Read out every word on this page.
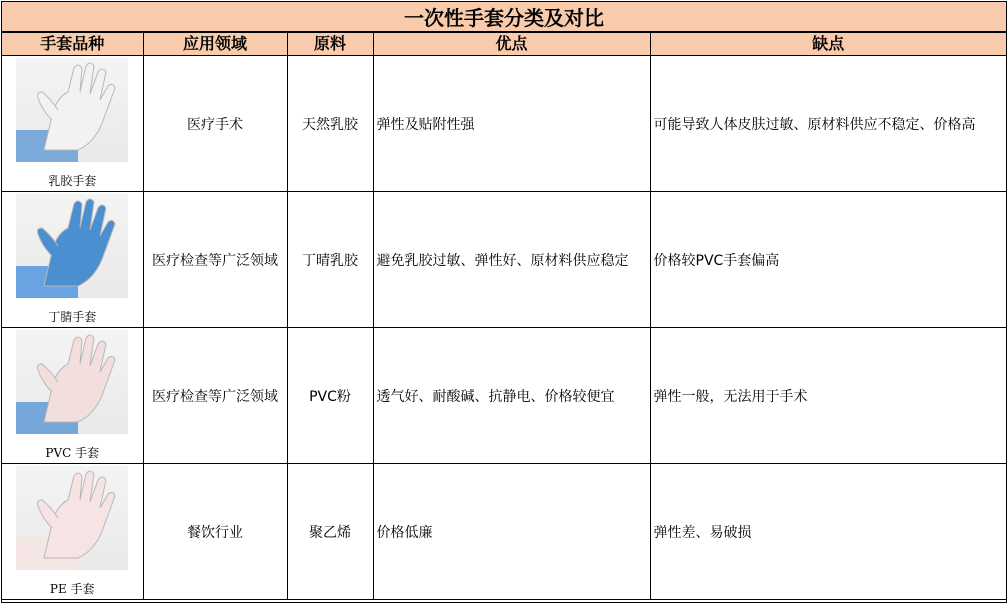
一次性手套分类及对比
手套品种	应用领域	原料	优点	缺点

乳胶手套	医疗手术	天然乳胶	弹性及贴附性强	可能导致人体皮肤过敏、原材料供应不稳定、价格高

丁腈手套	医疗检查等广泛领域	丁晴乳胶	避免乳胶过敏、弹性好、原材料供应稳定	价格较PVC手套偏高

PVC 手套	医疗检查等广泛领域	PVC粉	透气好、耐酸碱、抗静电、价格较便宜	弹性一般，无法用于手术

PE 手套	餐饮行业	聚乙烯	价格低廉	弹性差、易破损
